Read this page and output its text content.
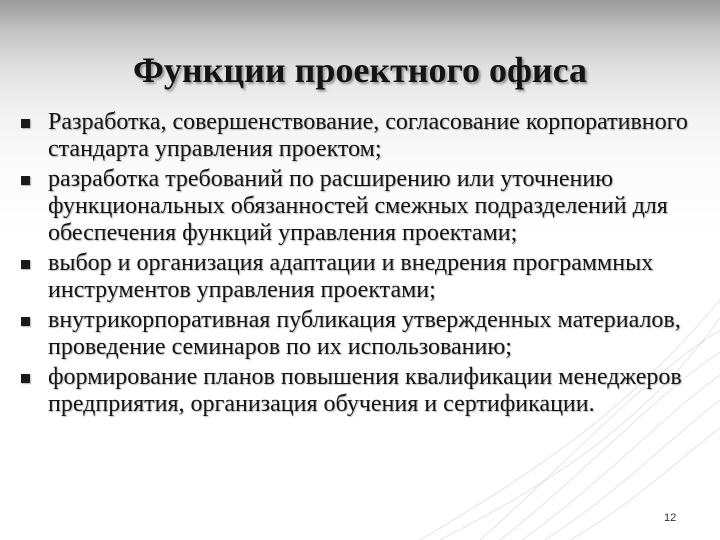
Функции проектного офиса
Разработка, совершенствование, согласование корпоративного стандарта управления проектом;
разработка требований по расширению или уточнению функциональных обязанностей смежных подразделений для обеспечения функций управления проектами;
выбор и организация адаптации и внедрения программных инструментов управления проектами;
внутрикорпоративная публикация утвержденных материалов, проведение семинаров по их использованию;
формирование планов повышения квалификации менеджеров предприятия, организация обучения и сертификации.
12
